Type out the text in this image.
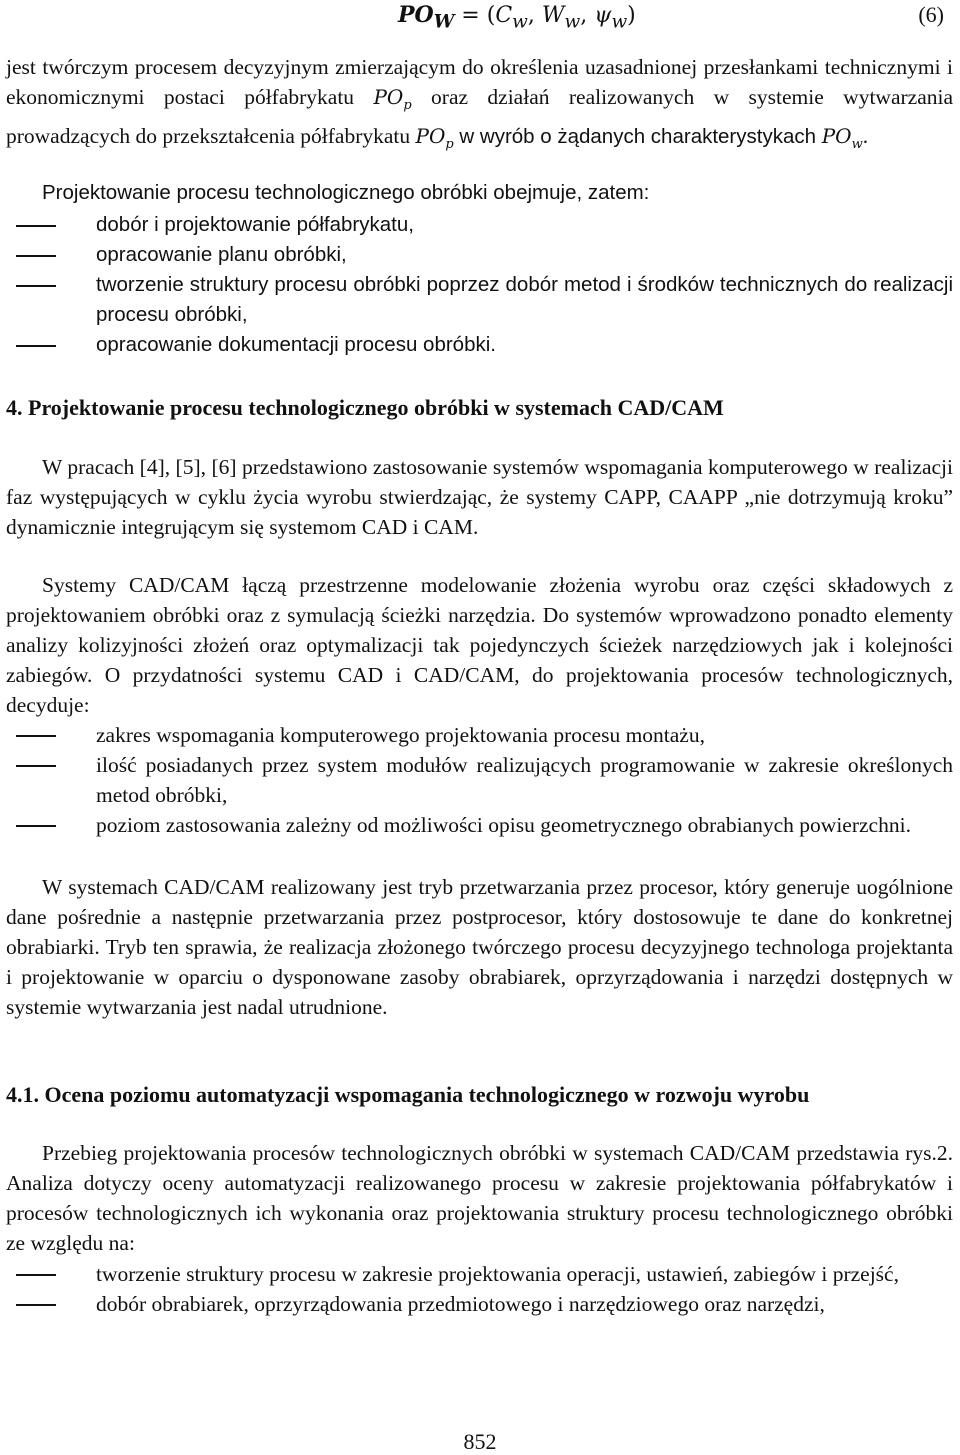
$PO_W = (C_w$, $W_w$, $\psi_w$)	(6)

jest twórczym procesem decyzyjnym zmierzającym do określenia uzasadnionej przesłankami technicznymi i ekonomicznymi postaci półfabrykatu $PO_p$ oraz działań realizowanych w systemie wytwarzania prowadzących do przekształcenia półfabrykatu $PO_p$ w wyrób o żądanych charakterystykach $PO_w$.

Projektowanie procesu technologicznego obróbki obejmuje, zatem:

dobór i projektowanie półfabrykatu,
opracowanie planu obróbki,
tworzenie struktury procesu obróbki poprzez dobór metod i środków technicznych do realizacji procesu obróbki,
opracowanie dokumentacji procesu obróbki.
4. Projektowanie procesu technologicznego obróbki w systemach CAD/CAM

W pracach [4], [5], [6] przedstawiono zastosowanie systemów wspomagania komputerowego w realizacji faz występujących w cyklu życia wyrobu stwierdzając, że systemy CAPP, CAAPP „nie dotrzymują kroku” dynamicznie integrującym się systemom CAD i CAM.

Systemy CAD/CAM łączą przestrzenne modelowanie złożenia wyrobu oraz części składowych z projektowaniem obróbki oraz z symulacją ścieżki narzędzia. Do systemów wprowadzono ponadto elementy analizy kolizyjności złożeń oraz optymalizacji tak pojedynczych ścieżek narzędziowych jak i kolejności zabiegów. O przydatności systemu CAD i CAD/CAM, do projektowania procesów technologicznych, decyduje:

zakres wspomagania komputerowego projektowania procesu montażu,
ilość posiadanych przez system modułów realizujących programowanie w zakresie określonych metod obróbki,
poziom zastosowania zależny od możliwości opisu geometrycznego obrabianych powierzchni.

W systemach CAD/CAM realizowany jest tryb przetwarzania przez procesor, który generuje uogólnione dane pośrednie a następnie przetwarzania przez postprocesor, który dostosowuje te dane do konkretnej obrabiarki. Tryb ten sprawia, że realizacja złożonego twórczego procesu decyzyjnego technologa projektanta i projektowanie w oparciu o dysponowane zasoby obrabiarek, oprzyrządowania i narzędzi dostępnych w systemie wytwarzania jest nadal utrudnione.

4.1. Ocena poziomu automatyzacji wspomagania technologicznego w rozwoju wyrobu

Przebieg projektowania procesów technologicznych obróbki w systemach CAD/CAM przedstawia rys.2. Analiza dotyczy oceny automatyzacji realizowanego procesu w zakresie projektowania półfabrykatów i procesów technologicznych ich wykonania oraz projektowania struktury procesu technologicznego obróbki ze względu na:

tworzenie struktury procesu w zakresie projektowania operacji, ustawień, zabiegów i przejść,
dobór obrabiarek, oprzyrządowania przedmiotowego i narzędziowego oraz narzędzi,
852
